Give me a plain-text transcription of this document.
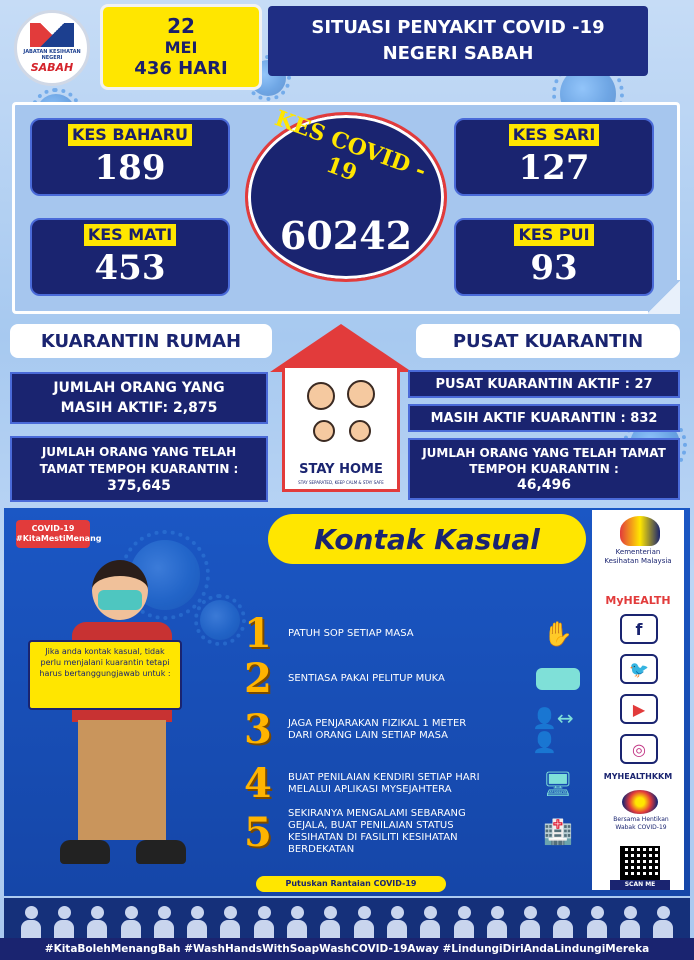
JABATAN KESIHATAN NEGERI
SABAH
22
MEI
436 HARI
SITUASI PENYAKIT COVID -19
NEGERI SABAH
KES BAHARU
189
KES MATI
453
KES SARI
127
KES PUI
93
KES COVID - 19
60242
KUARANTIN RUMAH
JUMLAH ORANG YANG MASIH AKTIF: 2,875
JUMLAH ORANG YANG TELAH TAMAT TEMPOH KUARANTIN :
375,645
STAY HOME
STAY SEPARATED, KEEP CALM & STAY SAFE
PUSAT KUARANTIN
PUSAT KUARANTIN AKTIF : 27
MASIH AKTIF KUARANTIN : 832
JUMLAH ORANG YANG TELAH TAMAT TEMPOH KUARANTIN :
46,496
COVID-19
#KitaMestiMenang	Kontak Kasual
Jika anda kontak kasual, tidak perlu menjalani kuarantin tetapi harus bertanggungjawab untuk :
1	PATUH SOP SETIAP MASA	✋
2	SENTIASA PAKAI PELITUP MUKA
3	JAGA PENJARAKAN FIZIKAL 1 METER DARI ORANG LAIN SETIAP MASA
👤↔👤
4	BUAT PENILAIAN KENDIRI SETIAP HARI MELALUI APLIKASI MYSEJAHTERA	🖥
5	SEKIRANYA MENGALAMI SEBARANG GEJALA, BUAT PENILAIAN STATUS KESIHATAN DI FASILITI KESIHATAN BERDEKATAN
🏥
Putuskan Rantaian COVID-19
Kementerian Kesihatan Malaysia
MyHEALTH
f
🐦
▶
◎
MYHEALTHKKM
Bersama Hentikan Wabak COVID-19
SCAN ME
#KitaBolehMenangBah #WashHandsWithSoapWashCOVID-19Away #LindungiDiriAndaLindungiMereka
